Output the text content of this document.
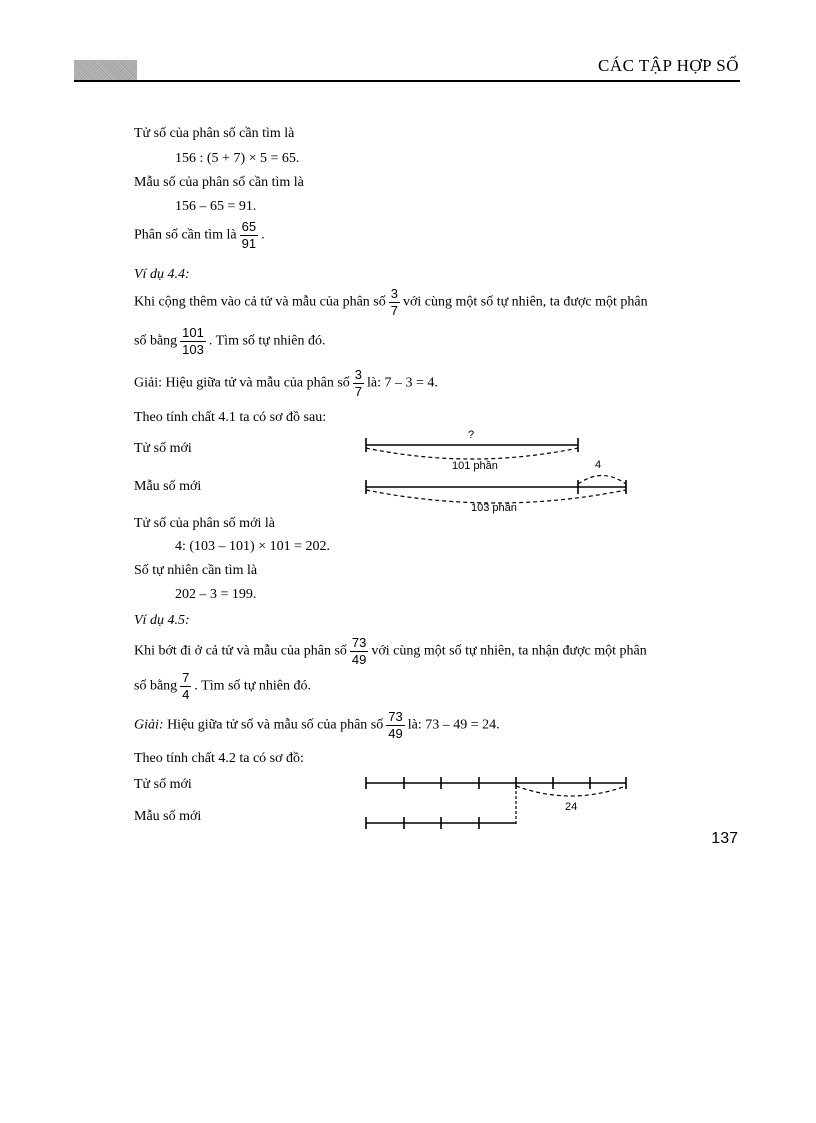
CÁC TẬP HỢP SỐ
Tử số của phân số cần tìm là
156 : (5 + 7) × 5 = 65.
Mẫu số của phân số cần tìm là
156 – 65 = 91.
Phân số cần tìm là $\frac{65}{91}$ .
Ví dụ 4.4:
Khi cộng thêm vào cả tử và mẫu của phân số $\frac{3}{7}$ với cùng một số tự nhiên, ta được một phân
số bằng $\frac{101}{103}$ . Tìm số tự nhiên đó.
Giải: Hiệu giữa tử và mẫu của phân số $\frac{3}{7}$ là: 7 – 3 = 4.
Theo tính chất 4.1 ta có sơ đồ sau:
Tử số mới
Mẫu số mới
?
101 phần	4
103 phần
Tử số của phân số mới là
4: (103 – 101) × 101 = 202.
Số tự nhiên cần tìm là
202 – 3 = 199.
Ví dụ 4.5:
Khi bớt đi ở cả tử và mẫu của phân số $\frac{73}{49}$ với cùng một số tự nhiên, ta nhận được một phân
số bằng $\frac{7}{4}$ . Tìm số tự nhiên đó.
Giải: Hiệu giữa tử số và mẫu số của phân số $\frac{73}{49}$ là: 73 – 49 = 24.
Theo tính chất 4.2 ta có sơ đồ:
Tử số mới
Mẫu số mới
24
137
